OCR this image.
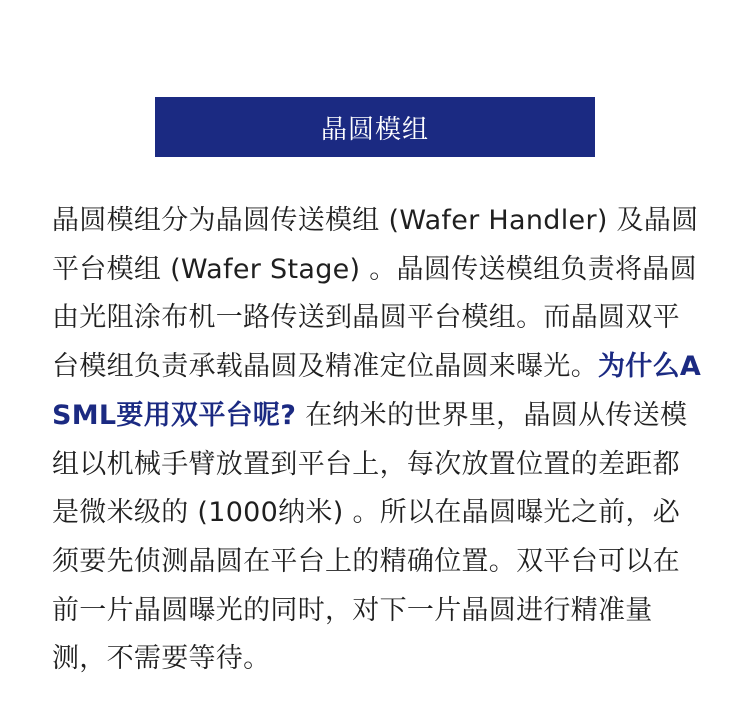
晶圆模组

晶圆模组分为晶圆传送模组 (Wafer Handler) 及晶圆平台模组 (Wafer Stage) 。晶圆传送模组负责将晶圆由光阻涂布机一路传送到晶圆平台模组。而晶圆双平台模组负责承载晶圆及精准定位晶圆来曝光。为什么ASML要用双平台呢? 在纳米的世界里，晶圆从传送模组以机械手臂放置到平台上，每次放置位置的差距都是微米级的 (1000纳米) 。所以在晶圆曝光之前，必须要先侦测晶圆在平台上的精确位置。双平台可以在前一片晶圆曝光的同时，对下一片晶圆进行精准量测，不需要等待。
